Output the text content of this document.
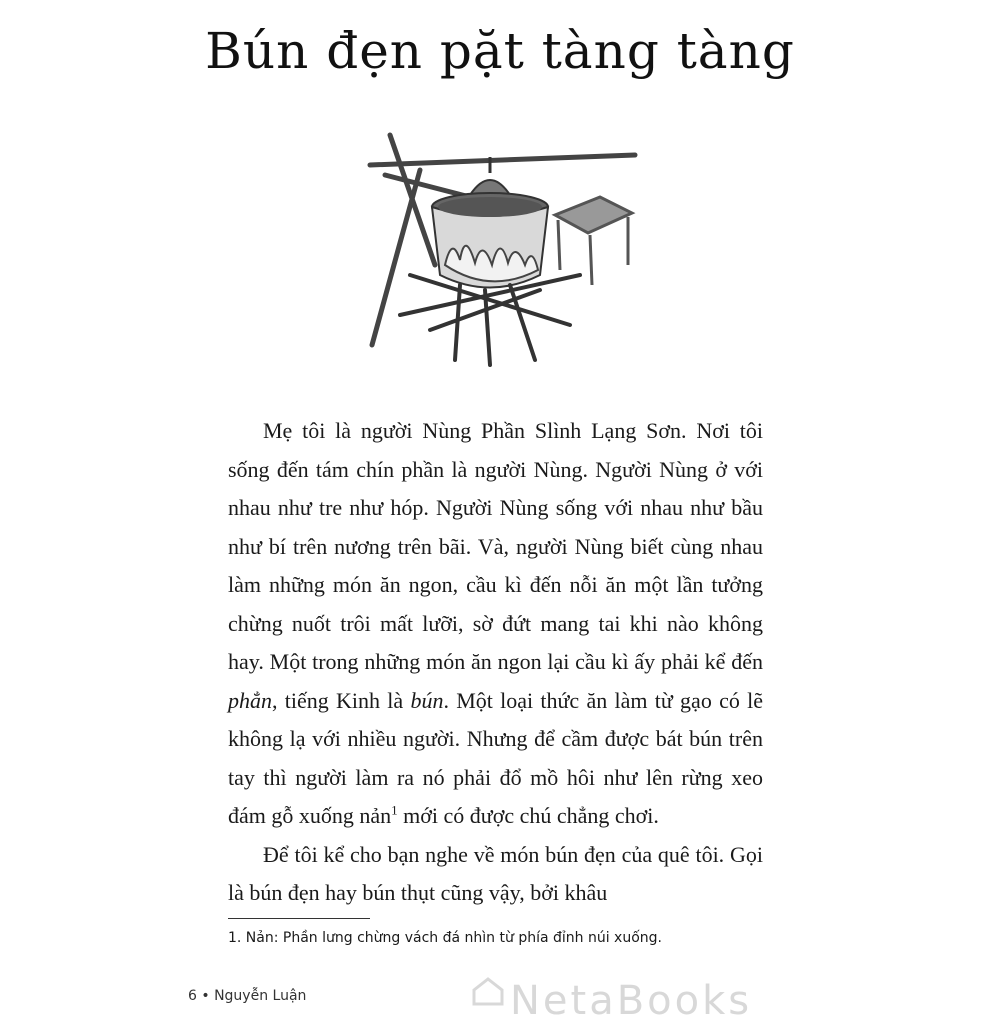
Bún đẹn pặt tàng tàng

Mẹ tôi là người Nùng Phần Slình Lạng Sơn. Nơi tôi sống đến tám chín phần là người Nùng. Người Nùng ở với nhau như tre như hóp. Người Nùng sống với nhau như bầu như bí trên nương trên bãi. Và, người Nùng biết cùng nhau làm những món ăn ngon, cầu kì đến nỗi ăn một lần tưởng chừng nuốt trôi mất lưỡi, sờ đứt mang tai khi nào không hay. Một trong những món ăn ngon lại cầu kì ấy phải kể đến phẳn, tiếng Kinh là bún. Một loại thức ăn làm từ gạo có lẽ không lạ với nhiều người. Nhưng để cầm được bát bún trên tay thì người làm ra nó phải đổ mồ hôi như lên rừng xeo đám gỗ xuống nản$^1$ mới có được chú chẳng chơi.

Để tôi kể cho bạn nghe về món bún đẹn của quê tôi. Gọi là bún đẹn hay bún thụt cũng vậy, bởi khâu

1. Nản: Phần lưng chừng vách đá nhìn từ phía đỉnh núi xuống.
6 • Nguyễn Luận	NetaBooks
